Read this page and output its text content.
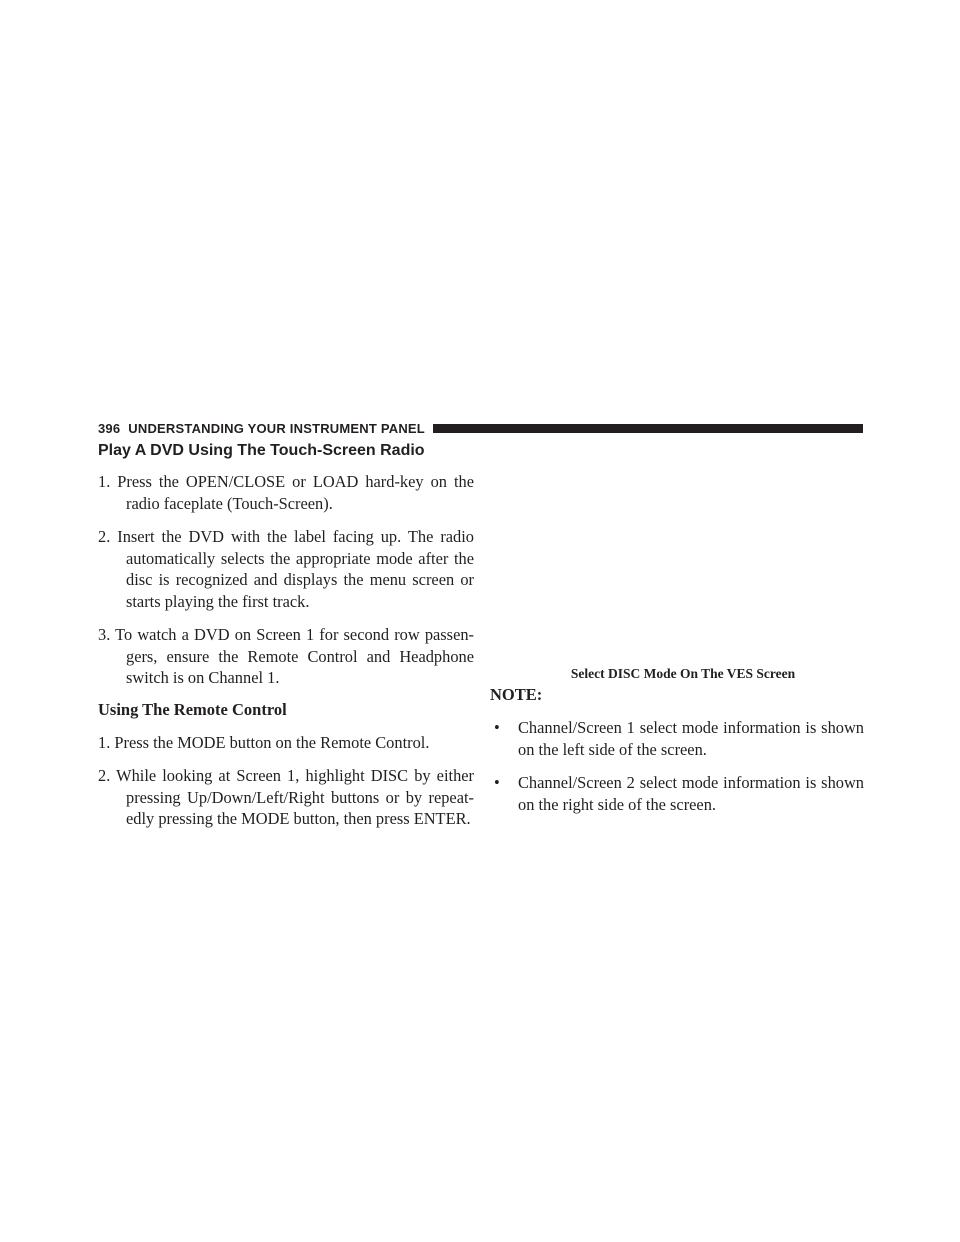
396 UNDERSTANDING YOUR INSTRUMENT PANEL
Play A DVD Using The Touch-Screen Radio

1. Press the OPEN/CLOSE or LOAD hard-key on the radio faceplate (Touch-Screen).

2. Insert the DVD with the label facing up. The radio automatically selects the appropriate mode after the disc is recognized and displays the menu screen or starts playing the first track.

3. To watch a DVD on Screen 1 for second row passen- gers, ensure the Remote Control and Headphone switch is on Channel 1.

Using The Remote Control

1. Press the MODE button on the Remote Control.

2. While looking at Screen 1, highlight DISC by either pressing Up/Down/Left/Right buttons or by repeat- edly pressing the MODE button, then press ENTER.

Select DISC Mode On The VES Screen
NOTE:

• Channel/Screen 1 select mode information is shown on the left side of the screen.

• Channel/Screen 2 select mode information is shown on the right side of the screen.
